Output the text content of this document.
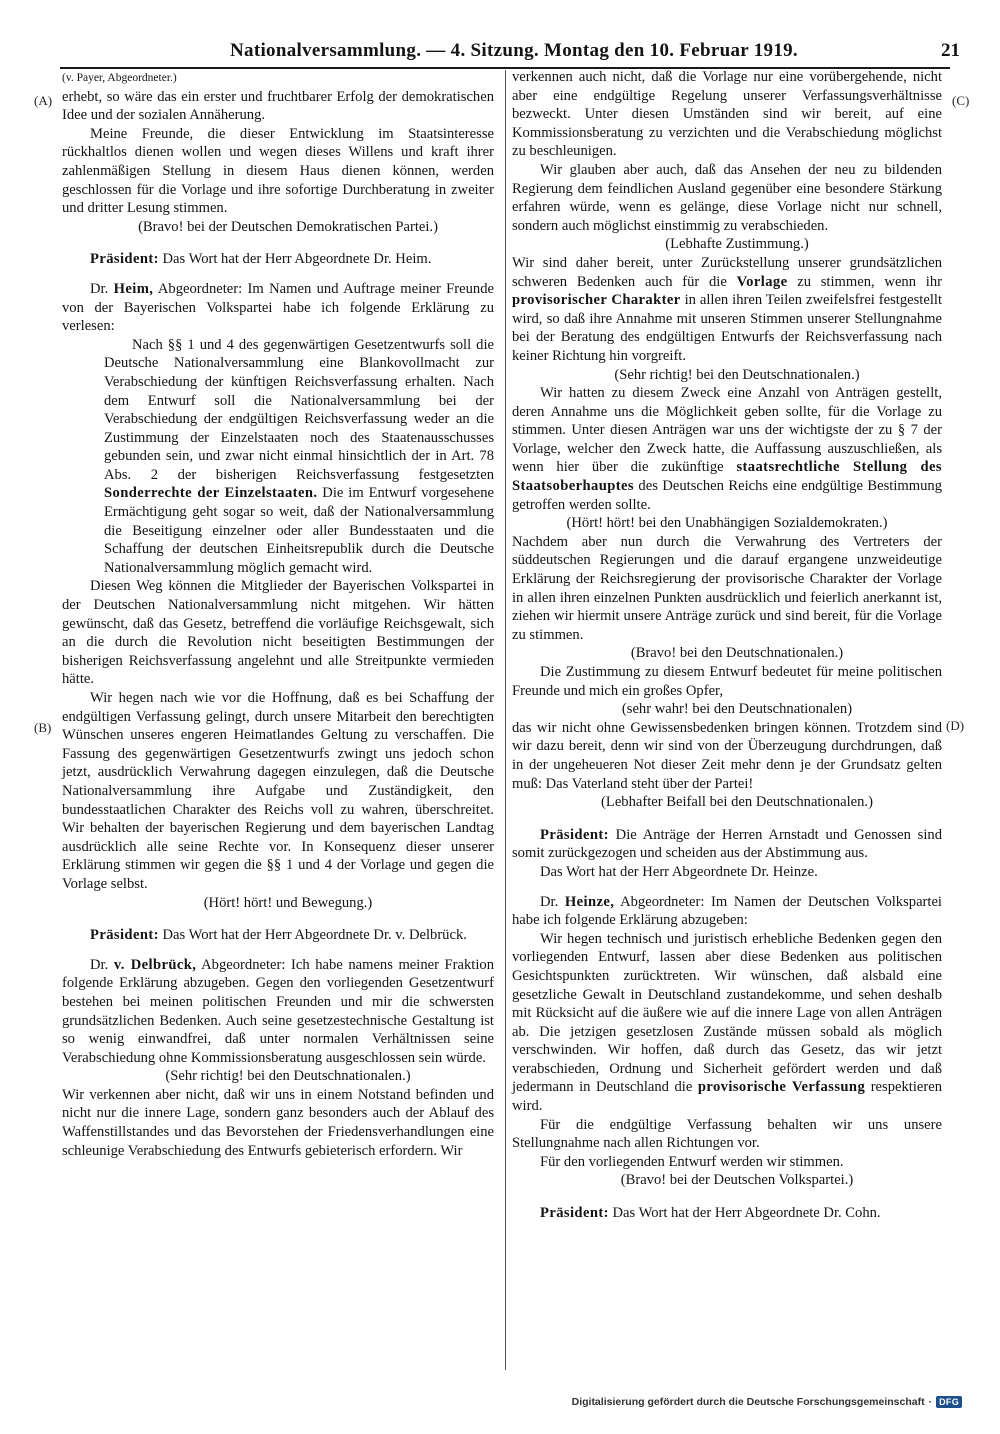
Nationalversammlung. — 4. Sitzung. Montag den 10. Februar 1919.	21
(A)
(B)
(C)
(D)

(v. Payer, Abgeordneter.)

erhebt, so wäre das ein erster und fruchtbarer Erfolg der demokratischen Idee und der sozialen Annäherung.

Meine Freunde, die dieser Entwicklung im Staatsinteresse rückhaltlos dienen wollen und wegen dieses Willens und kraft ihrer zahlenmäßigen Stellung in diesem Haus dienen können, werden geschlossen für die Vorlage und ihre sofortige Durchberatung in zweiter und dritter Lesung stimmen.

(Bravo! bei der Deutschen Demokratischen Partei.)

Präsident: Das Wort hat der Herr Abgeordnete Dr. Heim.

Dr. Heim, Abgeordneter: Im Namen und Auftrage meiner Freunde von der Bayerischen Volkspartei habe ich folgende Erklärung zu verlesen:

Nach §§ 1 und 4 des gegenwärtigen Gesetzentwurfs soll die Deutsche Nationalversammlung eine Blankovollmacht zur Verabschiedung der künftigen Reichsverfassung erhalten. Nach dem Entwurf soll die Nationalversammlung bei der Verabschiedung der endgültigen Reichsverfassung weder an die Zustimmung der Einzelstaaten noch des Staatenausschusses gebunden sein, und zwar nicht einmal hinsichtlich der in Art. 78 Abs. 2 der bisherigen Reichsverfassung festgesetzten Sonderrechte der Einzelstaaten. Die im Entwurf vorgesehene Ermächtigung geht sogar so weit, daß der Nationalversammlung die Beseitigung einzelner oder aller Bundesstaaten und die Schaffung der deutschen Einheitsrepublik durch die Deutsche Nationalversammlung möglich gemacht wird.

Diesen Weg können die Mitglieder der Bayerischen Volkspartei in der Deutschen Nationalversammlung nicht mitgehen. Wir hätten gewünscht, daß das Gesetz, betreffend die vorläufige Reichsgewalt, sich an die durch die Revolution nicht beseitigten Bestimmungen der bisherigen Reichsverfassung angelehnt und alle Streitpunkte vermieden hätte.

Wir hegen nach wie vor die Hoffnung, daß es bei Schaffung der endgültigen Verfassung gelingt, durch unsere Mitarbeit den berechtigten Wünschen unseres engeren Heimatlandes Geltung zu verschaffen. Die Fassung des gegenwärtigen Gesetzentwurfs zwingt uns jedoch schon jetzt, ausdrücklich Verwahrung dagegen einzulegen, daß die Deutsche Nationalversammlung ihre Aufgabe und Zuständigkeit, den bundesstaatlichen Charakter des Reichs voll zu wahren, überschreitet. Wir behalten der bayerischen Regierung und dem bayerischen Landtag ausdrücklich alle seine Rechte vor. In Konsequenz dieser unserer Erklärung stimmen wir gegen die §§ 1 und 4 der Vorlage und gegen die Vorlage selbst.

(Hört! hört! und Bewegung.)

Präsident: Das Wort hat der Herr Abgeordnete Dr. v. Delbrück.

Dr. v. Delbrück, Abgeordneter: Ich habe namens meiner Fraktion folgende Erklärung abzugeben. Gegen den vorliegenden Gesetzentwurf bestehen bei meinen politischen Freunden und mir die schwersten grundsätzlichen Bedenken. Auch seine gesetzestechnische Gestaltung ist so wenig einwandfrei, daß unter normalen Verhältnissen seine Verabschiedung ohne Kommissionsberatung ausgeschlossen sein würde.

(Sehr richtig! bei den Deutschnationalen.)

Wir verkennen aber nicht, daß wir uns in einem Notstand befinden und nicht nur die innere Lage, sondern ganz besonders auch der Ablauf des Waffenstillstandes und das Bevorstehen der Friedensverhandlungen eine schleunige Verabschiedung des Entwurfs gebieterisch erfordern. Wir

verkennen auch nicht, daß die Vorlage nur eine vorübergehende, nicht aber eine endgültige Regelung unserer Verfassungsverhältnisse bezweckt. Unter diesen Umständen sind wir bereit, auf eine Kommissionsberatung zu verzichten und die Verabschiedung möglichst zu beschleunigen.

Wir glauben aber auch, daß das Ansehen der neu zu bildenden Regierung dem feindlichen Ausland gegenüber eine besondere Stärkung erfahren würde, wenn es gelänge, diese Vorlage nicht nur schnell, sondern auch möglichst einstimmig zu verabschieden.

(Lebhafte Zustimmung.)

Wir sind daher bereit, unter Zurückstellung unserer grundsätzlichen schweren Bedenken auch für die Vorlage zu stimmen, wenn ihr provisorischer Charakter in allen ihren Teilen zweifelsfrei festgestellt wird, so daß ihre Annahme mit unseren Stimmen unserer Stellungnahme bei der Beratung des endgültigen Entwurfs der Reichsverfassung nach keiner Richtung hin vorgreift.

(Sehr richtig! bei den Deutschnationalen.)

Wir hatten zu diesem Zweck eine Anzahl von Anträgen gestellt, deren Annahme uns die Möglichkeit geben sollte, für die Vorlage zu stimmen. Unter diesen Anträgen war uns der wichtigste der zu § 7 der Vorlage, welcher den Zweck hatte, die Auffassung auszuschließen, als wenn hier über die zukünftige staatsrechtliche Stellung des Staatsoberhauptes des Deutschen Reichs eine endgültige Bestimmung getroffen werden sollte.

(Hört! hört! bei den Unabhängigen Sozialdemokraten.)

Nachdem aber nun durch die Verwahrung des Vertreters der süddeutschen Regierungen und die darauf ergangene unzweideutige Erklärung der Reichsregierung der provisorische Charakter der Vorlage in allen ihren einzelnen Punkten ausdrücklich und feierlich anerkannt ist, ziehen wir hiermit unsere Anträge zurück und sind bereit, für die Vorlage zu stimmen.

(Bravo! bei den Deutschnationalen.)

Die Zustimmung zu diesem Entwurf bedeutet für meine politischen Freunde und mich ein großes Opfer,

(sehr wahr! bei den Deutschnationalen)

das wir nicht ohne Gewissensbedenken bringen können. Trotzdem sind wir dazu bereit, denn wir sind von der Überzeugung durchdrungen, daß in der ungeheueren Not dieser Zeit mehr denn je der Grundsatz gelten muß: Das Vaterland steht über der Partei!

(Lebhafter Beifall bei den Deutschnationalen.)

Präsident: Die Anträge der Herren Arnstadt und Genossen sind somit zurückgezogen und scheiden aus der Abstimmung aus.

Das Wort hat der Herr Abgeordnete Dr. Heinze.

Dr. Heinze, Abgeordneter: Im Namen der Deutschen Volkspartei habe ich folgende Erklärung abzugeben:

Wir hegen technisch und juristisch erhebliche Bedenken gegen den vorliegenden Entwurf, lassen aber diese Bedenken aus politischen Gesichtspunkten zurücktreten. Wir wünschen, daß alsbald eine gesetzliche Gewalt in Deutschland zustandekomme, und sehen deshalb mit Rücksicht auf die äußere wie auf die innere Lage von allen Anträgen ab. Die jetzigen gesetzlosen Zustände müssen sobald als möglich verschwinden. Wir hoffen, daß durch das Gesetz, das wir jetzt verabschieden, Ordnung und Sicherheit gefördert werden und daß jedermann in Deutschland die provisorische Verfassung respektieren wird.

Für die endgültige Verfassung behalten wir uns unsere Stellungnahme nach allen Richtungen vor.

Für den vorliegenden Entwurf werden wir stimmen.

(Bravo! bei der Deutschen Volkspartei.)

Präsident: Das Wort hat der Herr Abgeordnete Dr. Cohn.

Digitalisierung gefördert durch die Deutsche Forschungsgemeinschaft · DFG
